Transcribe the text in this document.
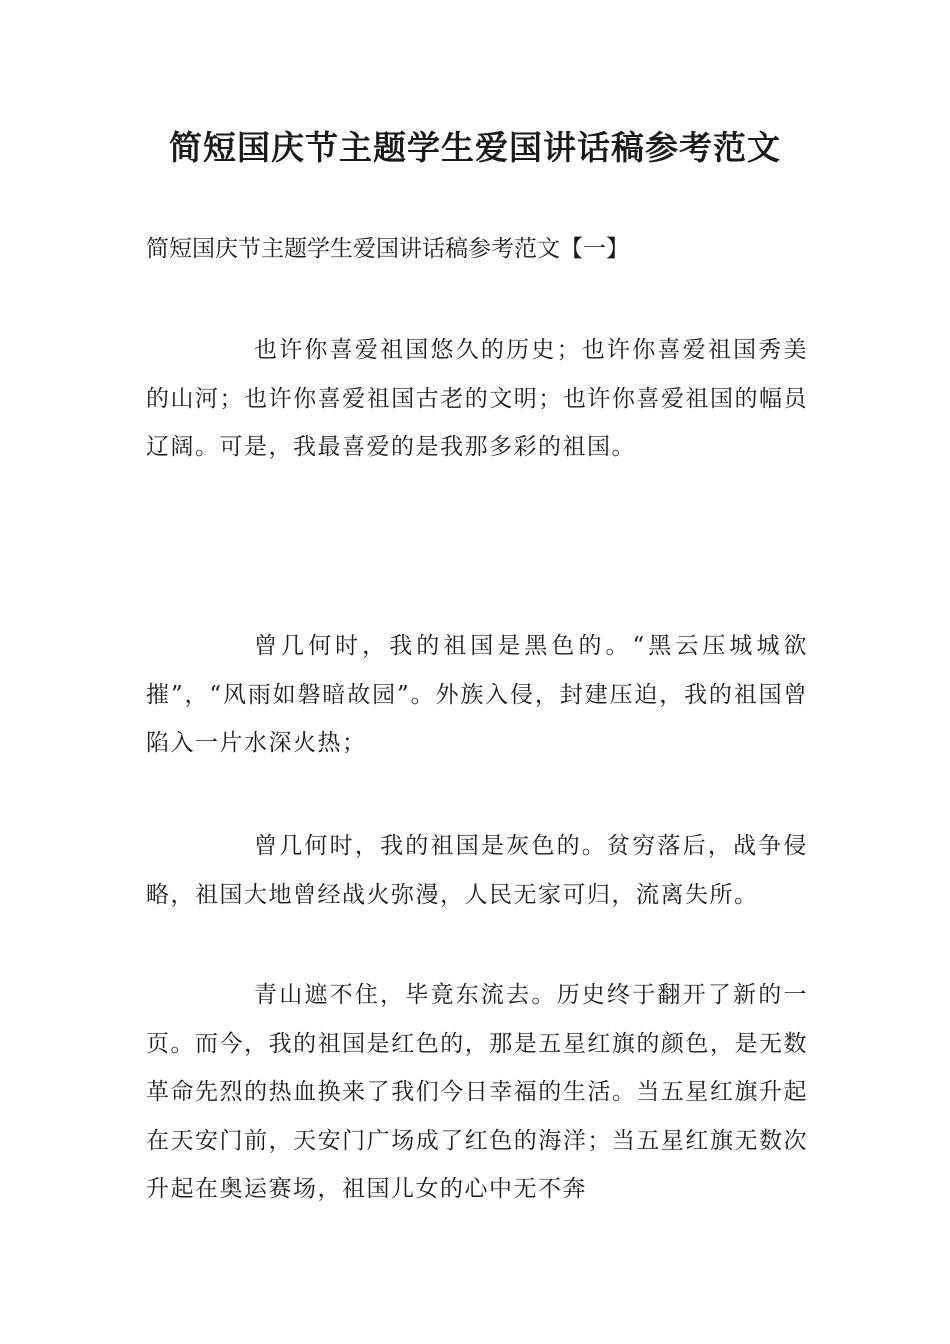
简短国庆节主题学生爱国讲话稿参考范文

简短国庆节主题学生爱国讲话稿参考范文【一】

也许你喜爱祖国悠久的历史；也许你喜爱祖国秀美的山河；也许你喜爱祖国古老的文明；也许你喜爱祖国的幅员辽阔。可是，我最喜爱的是我那多彩的祖国。

曾几何时，我的祖国是黑色的。“黑云压城城欲摧”，“风雨如磐暗故园”。外族入侵，封建压迫，我的祖国曾陷入一片水深火热；

曾几何时，我的祖国是灰色的。贫穷落后，战争侵略，祖国大地曾经战火弥漫，人民无家可归，流离失所。

青山遮不住，毕竟东流去。历史终于翻开了新的一页。而今，我的祖国是红色的，那是五星红旗的颜色，是无数革命先烈的热血换来了我们今日幸福的生活。当五星红旗升起在天安门前，天安门广场成了红色的海洋；当五星红旗无数次升起在奥运赛场，祖国儿女的心中无不奔
